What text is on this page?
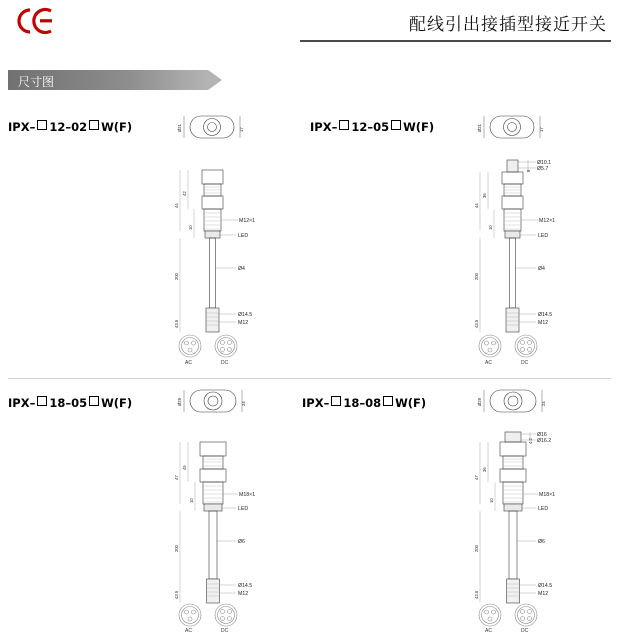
配线引出接插型接近开关
尺寸图
IPX– 12–02 W(F)	Ø21	17
44
42
10
200
43.5
M12×1
LED
Ø4
Ø14.5
M12
AC	DC
IPX– 12–05 W(F)	Ø21	17
Ø10.1
Ø5.7
8
44
36
10
200
43.5
M12×1
LED
Ø4
Ø14.5
M12
AC	DC
IPX– 18–05 W(F)	Ø29	24
47
45
10
200
43.5
M18×1
LED
Ø6
Ø14.5
M12
AC	DC
IPX– 18–08 W(F)	Ø29	24
Ø16
Ø16.2
4.2
47
36
10
200
43.5
M18×1
LED
Ø6
Ø14.5
M12
AC	DC
